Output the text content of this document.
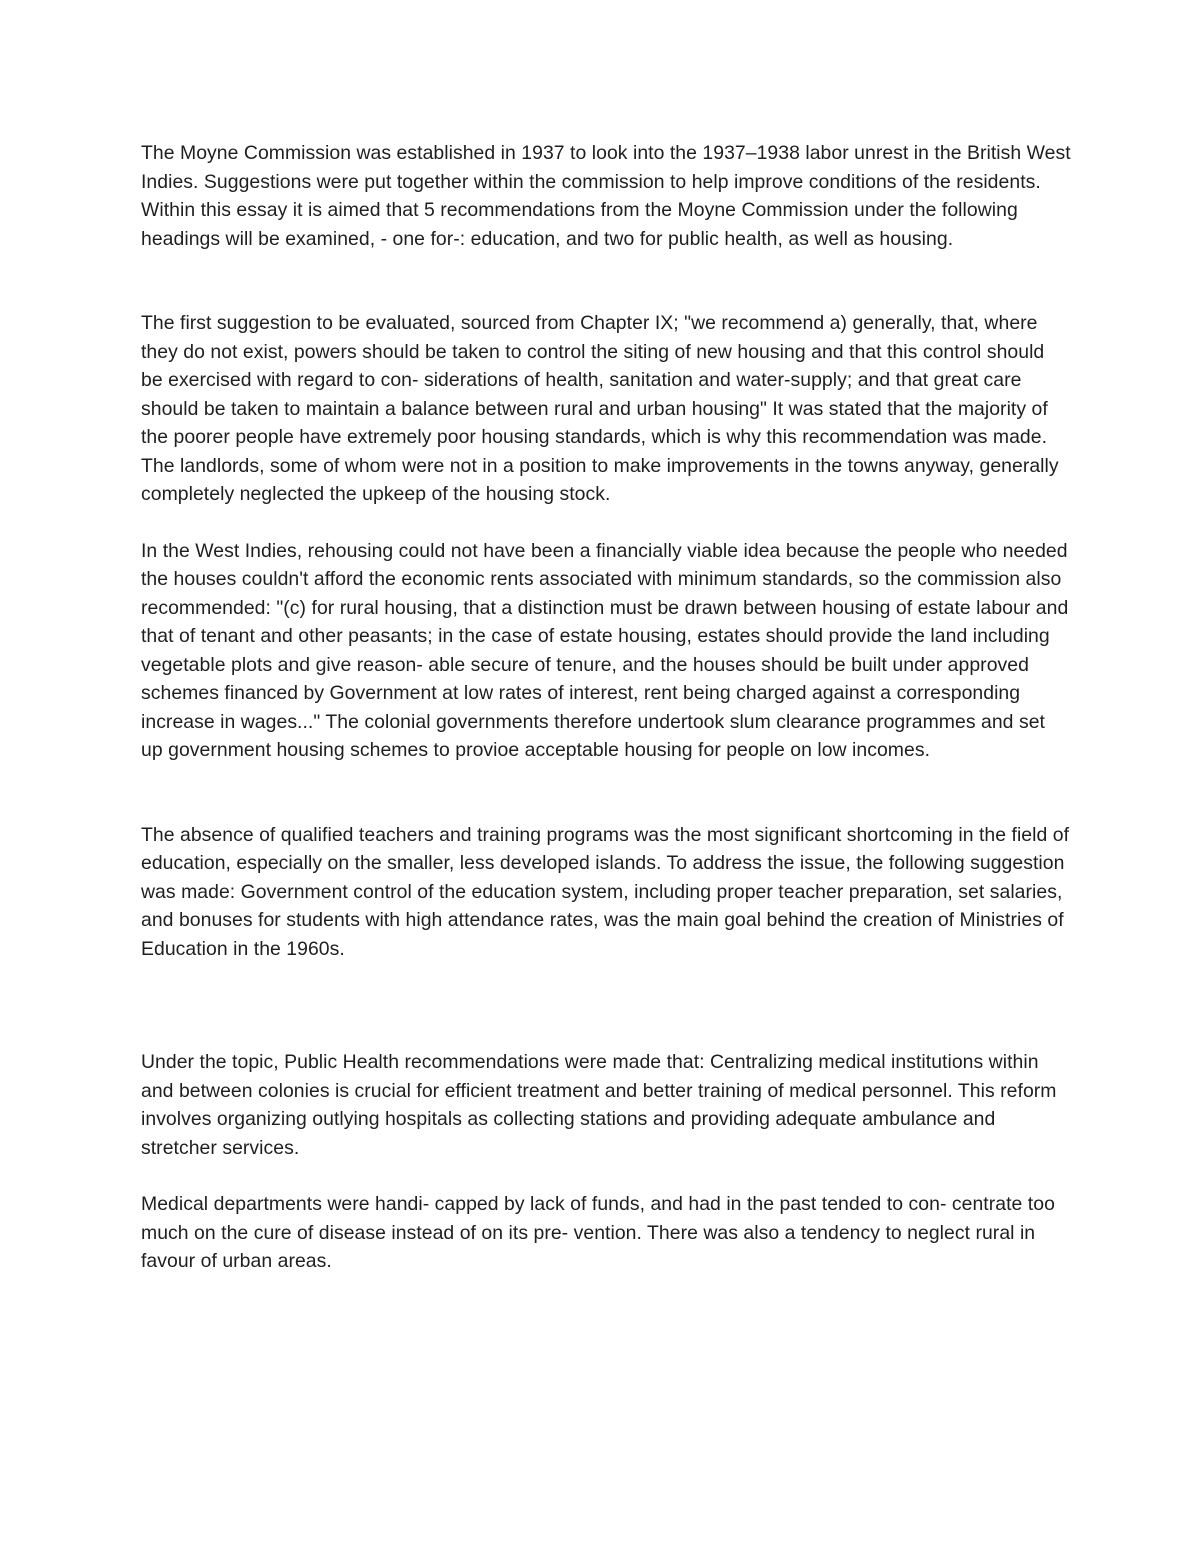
The Moyne Commission was established in 1937 to look into the 1937–1938 labor unrest in the British West Indies. Suggestions were put together within the commission to help improve conditions of the residents. Within this essay it is aimed that 5 recommendations from the Moyne Commission under the following headings will be examined, - one for-: education, and two for public health, as well as housing.

The first suggestion to be evaluated, sourced from Chapter IX; "we recommend a) generally, that, where they do not exist, powers should be taken to control the siting of new housing and that this control should be exercised with regard to con- siderations of health, sanitation and water-supply; and that great care should be taken to maintain a balance between rural and urban housing" It was stated that the majority of the poorer people have extremely poor housing standards, which is why this recommendation was made. The landlords, some of whom were not in a position to make improvements in the towns anyway, generally completely neglected the upkeep of the housing stock.

In the West Indies, rehousing could not have been a financially viable idea because the people who needed the houses couldn't afford the economic rents associated with minimum standards, so the commission also recommended: "(c) for rural housing, that a distinction must be drawn between housing of estate labour and that of tenant and other peasants; in the case of estate housing, estates should provide the land including vegetable plots and give reason- able secure of tenure, and the houses should be built under approved schemes financed by Government at low rates of interest, rent being charged against a corresponding increase in wages..." The colonial governments therefore undertook slum clearance programmes and set up government housing schemes to provioe acceptable housing for people on low incomes.

The absence of qualified teachers and training programs was the most significant shortcoming in the field of education, especially on the smaller, less developed islands. To address the issue, the following suggestion was made: Government control of the education system, including proper teacher preparation, set salaries, and bonuses for students with high attendance rates, was the main goal behind the creation of Ministries of Education in the 1960s.

Under the topic, Public Health recommendations were made that: Centralizing medical institutions within and between colonies is crucial for efficient treatment and better training of medical personnel. This reform involves organizing outlying hospitals as collecting stations and providing adequate ambulance and stretcher services.

Medical departments were handi- capped by lack of funds, and had in the past tended to con- centrate too much on the cure of disease instead of on its pre- vention. There was also a tendency to neglect rural in favour of urban areas.
